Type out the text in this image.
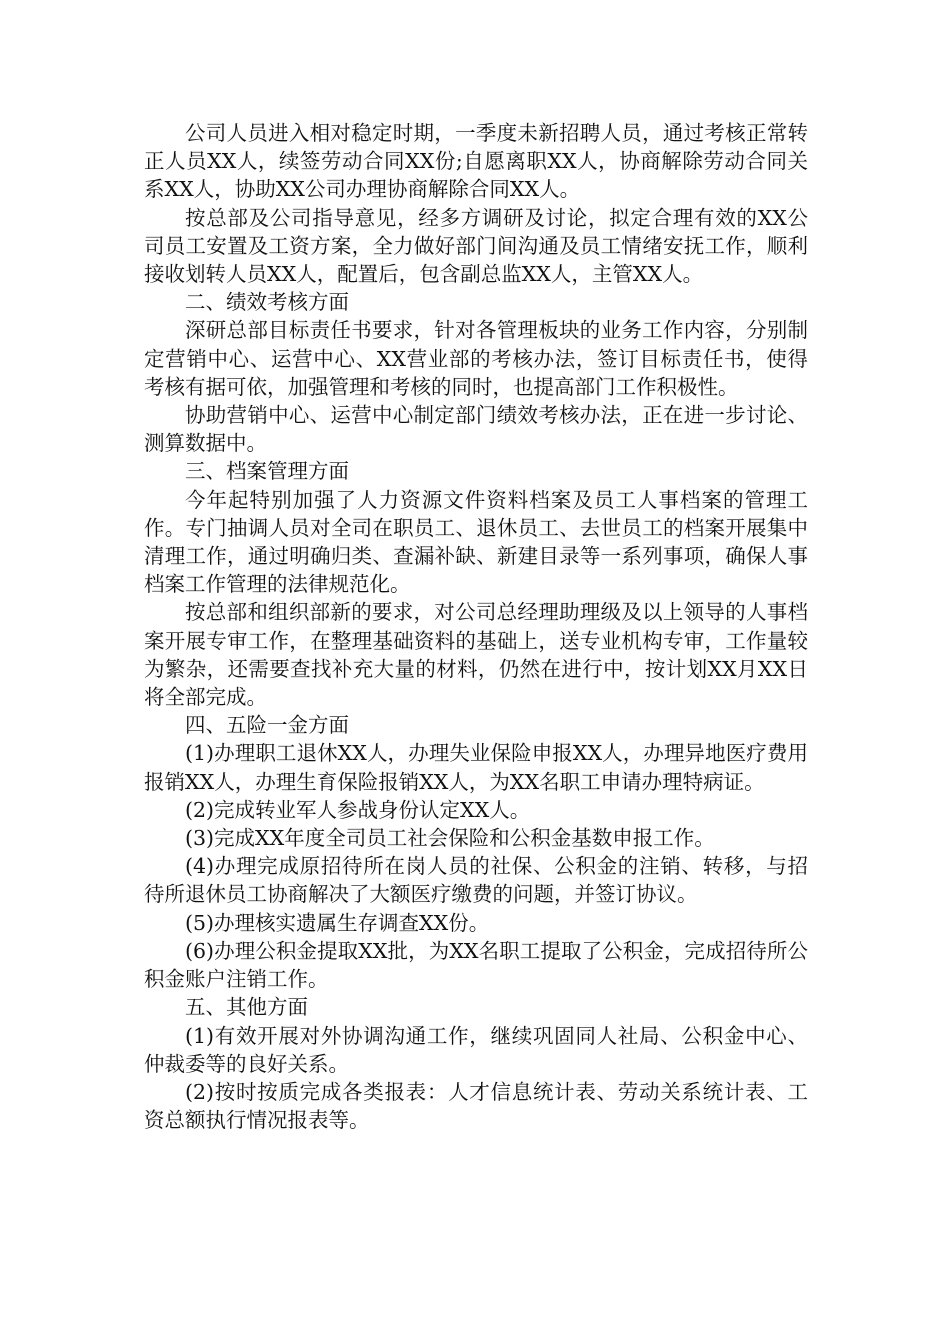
公司人员进入相对稳定时期，一季度未新招聘人员，通过考核正常转正人员XX人，续签劳动合同XX份;自愿离职XX人，协商解除劳动合同关系XX人，协助XX公司办理协商解除合同XX人。

按总部及公司指导意见，经多方调研及讨论，拟定合理有效的XX公司员工安置及工资方案，全力做好部门间沟通及员工情绪安抚工作，顺利接收划转人员XX人，配置后，包含副总监XX人，主管XX人。

二、绩效考核方面

深研总部目标责任书要求，针对各管理板块的业务工作内容，分别制定营销中心、运营中心、XX营业部的考核办法，签订目标责任书，使得考核有据可依，加强管理和考核的同时，也提高部门工作积极性。

协助营销中心、运营中心制定部门绩效考核办法，正在进一步讨论、测算数据中。

三、档案管理方面

今年起特别加强了人力资源文件资料档案及员工人事档案的管理工作。专门抽调人员对全司在职员工、退休员工、去世员工的档案开展集中清理工作，通过明确归类、查漏补缺、新建目录等一系列事项，确保人事档案工作管理的法律规范化。

按总部和组织部新的要求，对公司总经理助理级及以上领导的人事档案开展专审工作，在整理基础资料的基础上，送专业机构专审，工作量较为繁杂，还需要查找补充大量的材料，仍然在进行中，按计划XX月XX日将全部完成。

四、五险一金方面

(1)办理职工退休XX人，办理失业保险申报XX人，办理异地医疗费用报销XX人，办理生育保险报销XX人，为XX名职工申请办理特病证。

(2)完成转业军人参战身份认定XX人。

(3)完成XX年度全司员工社会保险和公积金基数申报工作。

(4)办理完成原招待所在岗人员的社保、公积金的注销、转移，与招待所退休员工协商解决了大额医疗缴费的问题，并签订协议。

(5)办理核实遗属生存调查XX份。

(6)办理公积金提取XX批，为XX名职工提取了公积金，完成招待所公积金账户注销工作。

五、其他方面

(1)有效开展对外协调沟通工作，继续巩固同人社局、公积金中心、仲裁委等的良好关系。

(2)按时按质完成各类报表：人才信息统计表、劳动关系统计表、工资总额执行情况报表等。
